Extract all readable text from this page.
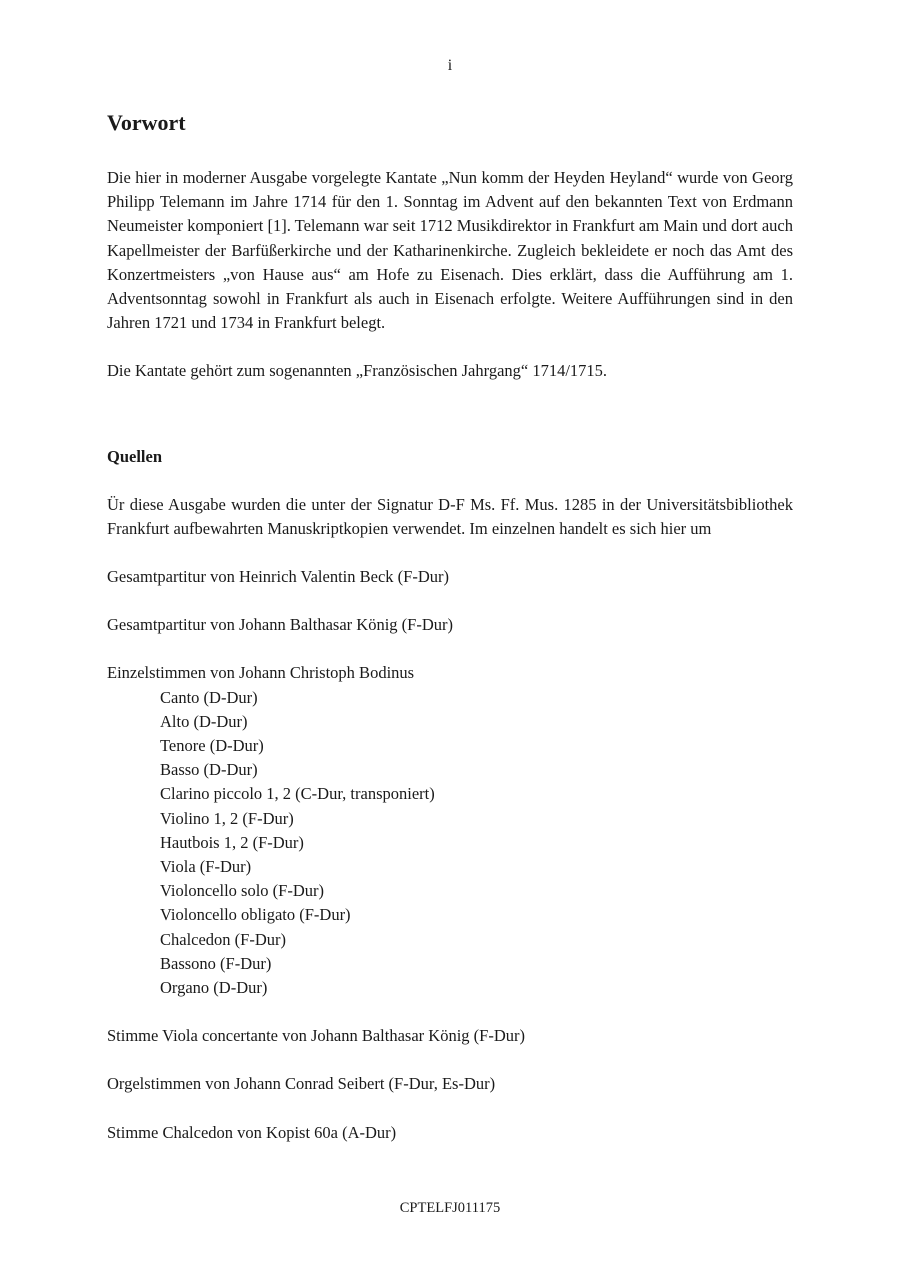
i
Vorwort

Die hier in moderner Ausgabe vorgelegte Kantate „Nun komm der Heyden Heyland“ wurde von Georg Philipp Telemann im Jahre 1714 für den 1. Sonntag im Advent auf den bekannten Text von Erdmann Neumeister komponiert [1]. Telemann war seit 1712 Musikdirektor in Frankfurt am Main und dort auch Kapellmeister der Barfüßerkirche und der Katharinenkirche. Zugleich bekleidete er noch das Amt des Konzertmeisters „von Hause aus“ am Hofe zu Eisenach. Dies erklärt, dass die Aufführung am 1. Adventsonntag sowohl in Frankfurt als auch in Eisenach erfolgte. Weitere Aufführungen sind in den Jahren 1721 und 1734 in Frankfurt belegt.

Die Kantate gehört zum sogenannten „Französischen Jahrgang“ 1714/1715.

Quellen

Ür diese Ausgabe wurden die unter der Signatur D-F Ms. Ff. Mus. 1285 in der Universitätsbibliothek Frankfurt aufbewahrten Manuskriptkopien verwendet. Im einzelnen handelt es sich hier um

Gesamtpartitur von Heinrich Valentin Beck (F-Dur)

Gesamtpartitur von Johann Balthasar König (F-Dur)

Einzelstimmen von Johann Christoph Bodinus

Canto (D-Dur)
Alto (D-Dur)
Tenore (D-Dur)
Basso (D-Dur)
Clarino piccolo 1, 2 (C-Dur, transponiert)
Violino 1, 2 (F-Dur)
Hautbois 1, 2 (F-Dur)
Viola (F-Dur)
Violoncello solo (F-Dur)
Violoncello obligato (F-Dur)
Chalcedon (F-Dur)
Bassono (F-Dur)
Organo (D-Dur)

Stimme Viola concertante von Johann Balthasar König (F-Dur)

Orgelstimmen von Johann Conrad Seibert (F-Dur, Es-Dur)

Stimme Chalcedon von Kopist 60a (A-Dur)

CPTELFJ011175
